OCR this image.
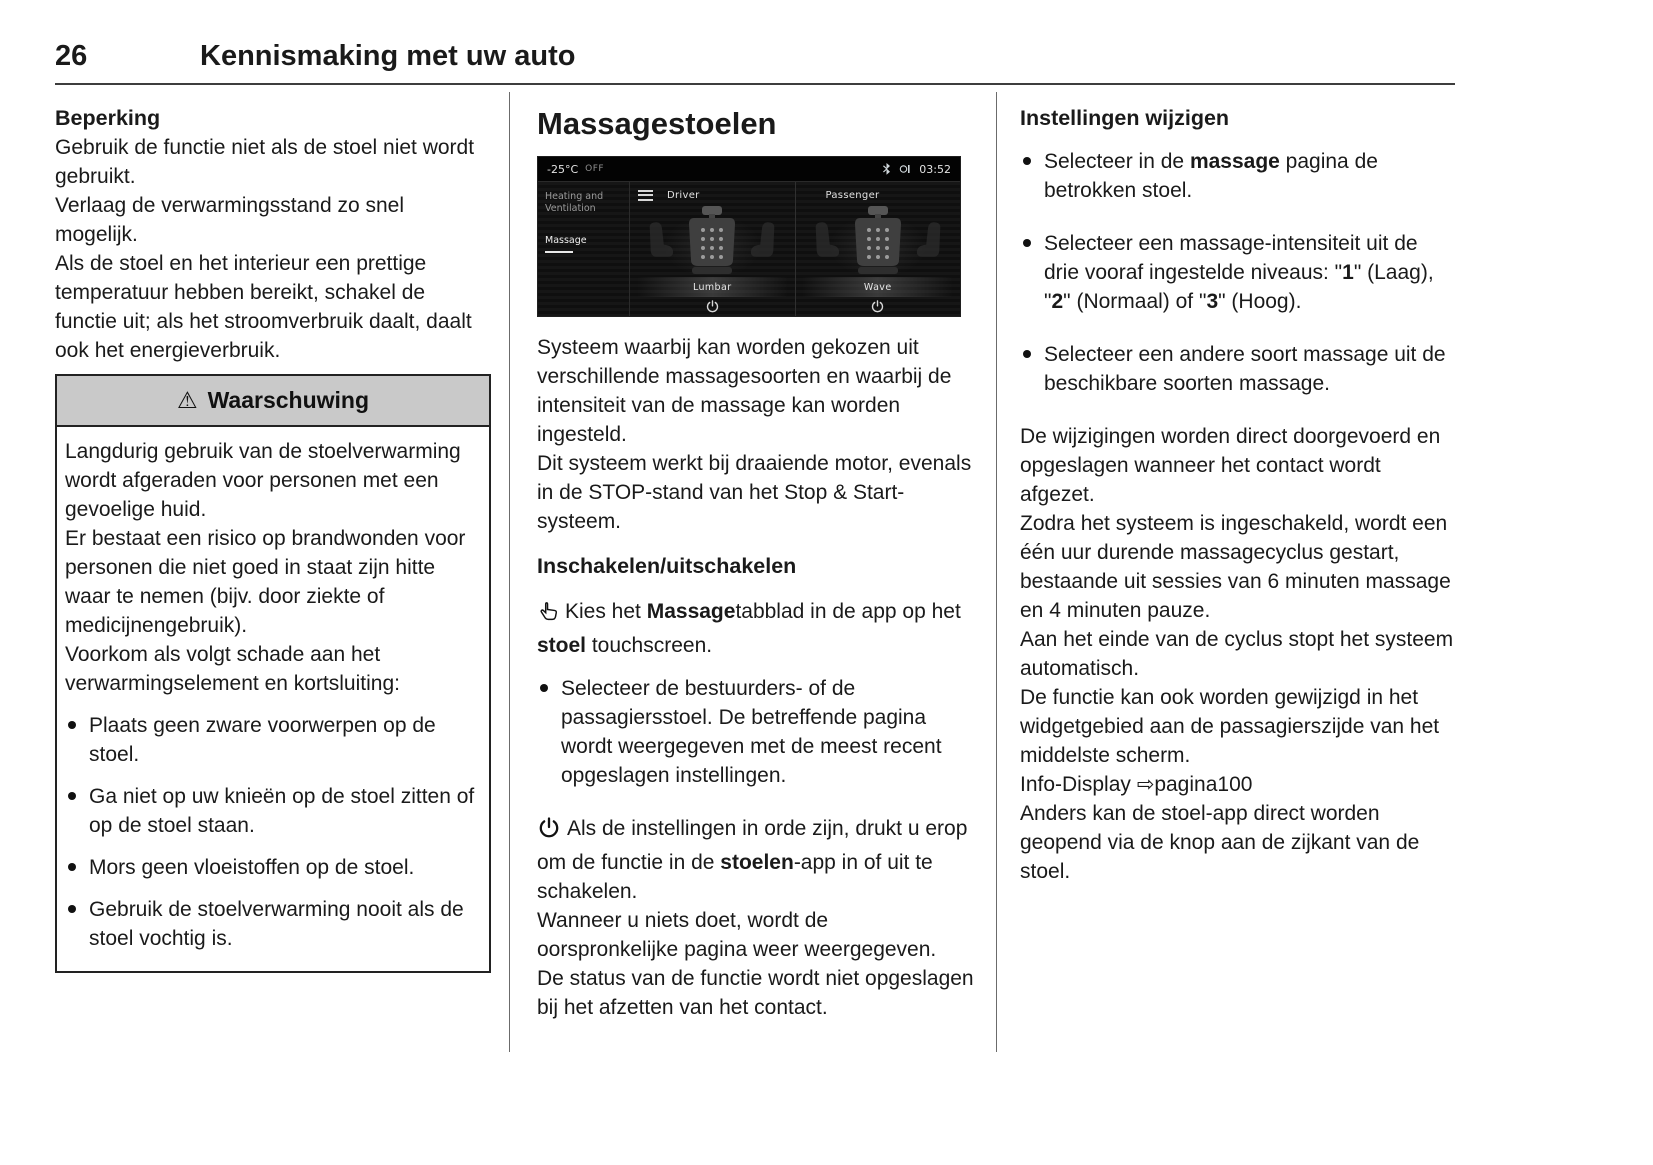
26	Kennismaking met uw auto
Beperking

Gebruik de functie niet als de stoel niet wordt gebruikt.

Verlaag de verwarmingsstand zo snel mogelijk.

Als de stoel en het interieur een prettige temperatuur hebben bereikt, schakel de functie uit; als het stroomverbruik daalt, daalt ook het energieverbruik.

⚠ Waarschuwing

Langdurig gebruik van de stoelverwarming wordt afgeraden voor personen met een gevoelige huid.

Er bestaat een risico op brandwonden voor personen die niet goed in staat zijn hitte waar te nemen (bijv. door ziekte of medicijnengebruik).

Voorkom als volgt schade aan het verwarmingselement en kortsluiting:

Plaats geen zware voorwerpen op de stoel.
Ga niet op uw knieën op de stoel zitten of op de stoel staan.
Mors geen vloeistoffen op de stoel.
Gebruik de stoelverwarming nooit als de stoel vochtig is.
Massagestoelen
-25°C OFF	03:52
Heating and
Ventilation
Massage
Driver
Lumbar
Passenger
Wave

Systeem waarbij kan worden gekozen uit verschillende massagesoorten en waarbij de intensiteit van de massage kan worden ingesteld.

Dit systeem werkt bij draaiende motor, evenals in de STOP-stand van het Stop & Start-systeem.

Inschakelen/uitschakelen

Kies het Massagetabblad in de app op het stoel touchscreen.

Selecteer de bestuurders- of de passagiersstoel. De betreffende pagina wordt weergegeven met de meest recent opgeslagen instellingen.

Als de instellingen in orde zijn, drukt u erop om de functie in de stoelen-app in of uit te schakelen.

Wanneer u niets doet, wordt de oorspronkelijke pagina weer weergegeven.

De status van de functie wordt niet opgeslagen bij het afzetten van het contact.

Instellingen wijzigen
Selecteer in de massage pagina de betrokken stoel.
Selecteer een massage-intensiteit uit de drie vooraf ingestelde niveaus: "1" (Laag), "2" (Normaal) of "3" (Hoog).
Selecteer een andere soort massage uit de beschikbare soorten massage.

De wijzigingen worden direct doorgevoerd en opgeslagen wanneer het contact wordt afgezet.

Zodra het systeem is ingeschakeld, wordt een één uur durende massagecyclus gestart, bestaande uit sessies van 6 minuten massage en 4 minuten pauze.

Aan het einde van de cyclus stopt het systeem automatisch.

De functie kan ook worden gewijzigd in het widgetgebied aan de passagierszijde van het middelste scherm.

Info-Display ⇨pagina100

Anders kan de stoel-app direct worden geopend via de knop aan de zijkant van de stoel.
